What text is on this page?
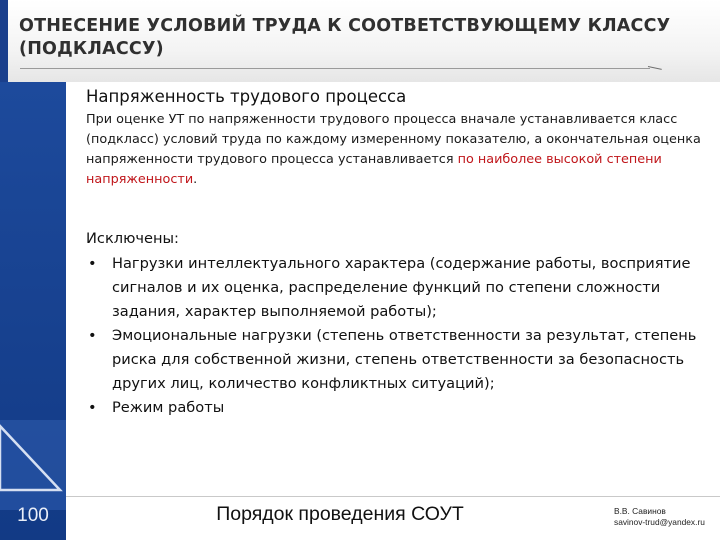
ОТНЕСЕНИЕ УСЛОВИЙ ТРУДА К СООТВЕТСТВУЮЩЕМУ КЛАССУ (ПОДКЛАССУ)
100

Напряженность трудового процесса

При оценке УТ по напряженности трудового процесса вначале устанавливается класс (подкласс) условий труда по каждому измеренному показателю, а окончательная оценка напряженности трудового процесса устанавливается по наиболее высокой степени напряженности.

Исключены:

• Нагрузки интеллектуального характера (содержание работы, восприятие сигналов и их оценка, распределение функций по степени сложности задания, характер выполняемой работы);
• Эмоциональные нагрузки (степень ответственности за результат, степень риска для собственной жизни, степень ответственности за безопасность других лиц, количество конфликтных ситуаций);
• Режим работы
Порядок проведения СОУТ	В.В. Савинов
savinov-trud@yandex.ru
